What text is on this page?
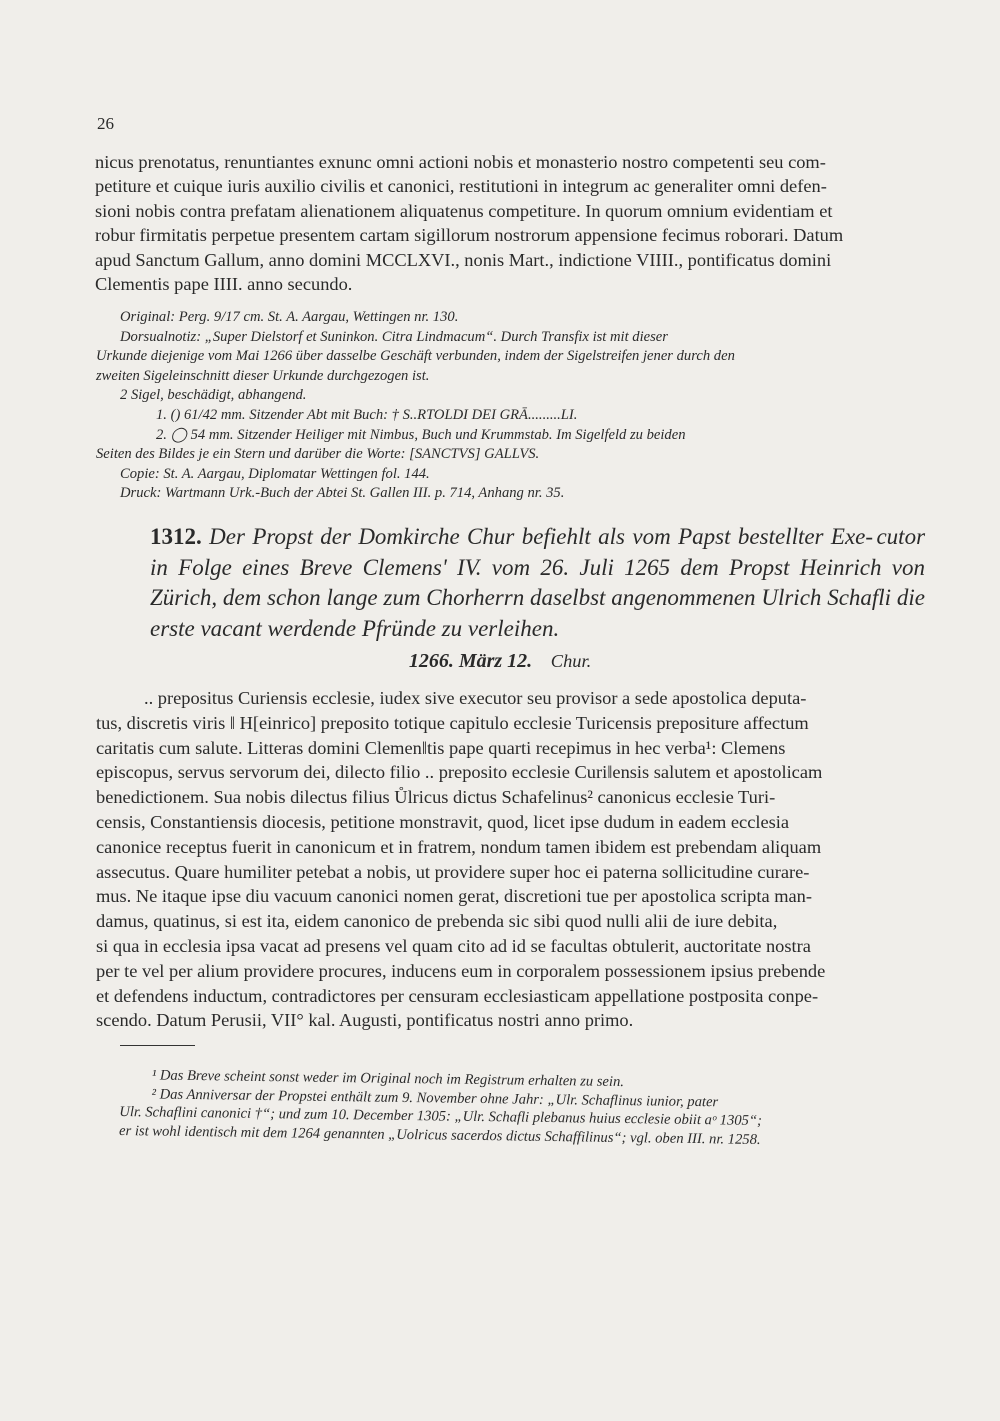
26

nicus prenotatus, renuntiantes exnunc omni actioni nobis et monasterio nostro competenti seu com-

petiture et cuique iuris auxilio civilis et canonici, restitutioni in integrum ac generaliter omni defen-

sioni nobis contra prefatam alienationem aliquatenus competiture. In quorum omnium evidentiam et

robur firmitatis perpetue presentem cartam sigillorum nostrorum appensione fecimus roborari. Datum

apud Sanctum Gallum, anno domini MCCLXVI., nonis Mart., indictione VIIII., pontificatus domini

Clementis pape IIII. anno secundo.

Original: Perg. 9/17 cm. St. A. Aargau, Wettingen nr. 130.

Dorsualnotiz: „Super Dielstorf et Suninkon. Citra Lindmacum“. Durch Transfix ist mit dieser

Urkunde diejenige vom Mai 1266 über dasselbe Geschäft verbunden, indem der Sigelstreifen jener durch den

zweiten Sigeleinschnitt dieser Urkunde durchgezogen ist.

2 Sigel, beschädigt, abhangend.

1. () 61/42 mm. Sitzender Abt mit Buch: † S..RTOLDI DEI GRĀ.........LI.

2. ◯ 54 mm. Sitzender Heiliger mit Nimbus, Buch und Krummstab. Im Sigelfeld zu beiden

Seiten des Bildes je ein Stern und darüber die Worte: [SANCTVS] GALLVS.

Copie: St. A. Aargau, Diplomatar Wettingen fol. 144.

Druck: Wartmann Urk.-Buch der Abtei St. Gallen III. p. 714, Anhang nr. 35.

1312. Der Propst der Domkirche Chur befiehlt als vom Papst bestellter Exe- cutor in Folge eines Breve Clemens' IV. vom 26. Juli 1265 dem Propst Heinrich von Zürich, dem schon lange zum Chorherrn daselbst angenommenen Ulrich Schafli die erste vacant werdende Pfründe zu verleihen.
1266. März 12. Chur.

.. prepositus Curiensis ecclesie, iudex sive executor seu provisor a sede apostolica deputa-

tus, discretis viris ‖ H[einrico] preposito totique capitulo ecclesie Turicensis prepositure affectum

caritatis cum salute. Litteras domini Clemen‖tis pape quarti recepimus in hec verba¹: Clemens

episcopus, servus servorum dei, dilecto filio .. preposito ecclesie Curi‖ensis salutem et apostolicam

benedictionem. Sua nobis dilectus filius Ůlricus dictus Schafelinus² canonicus ecclesie Turi-

censis, Constantiensis diocesis, petitione monstravit, quod, licet ipse dudum in eadem ecclesia

canonice receptus fuerit in canonicum et in fratrem, nondum tamen ibidem est prebendam aliquam

assecutus. Quare humiliter petebat a nobis, ut providere super hoc ei paterna sollicitudine curare-

mus. Ne itaque ipse diu vacuum canonici nomen gerat, discretioni tue per apostolica scripta man-

damus, quatinus, si est ita, eidem canonico de prebenda sic sibi quod nulli alii de iure debita,

si qua in ecclesia ipsa vacat ad presens vel quam cito ad id se facultas obtulerit, auctoritate nostra

per te vel per alium providere procures, inducens eum in corporalem possessionem ipsius prebende

et defendens inductum, contradictores per censuram ecclesiasticam appellatione postposita conpe-

scendo. Datum Perusii, VII° kal. Augusti, pontificatus nostri anno primo.

¹ Das Breve scheint sonst weder im Original noch im Registrum erhalten zu sein.

² Das Anniversar der Propstei enthält zum 9. November ohne Jahr: „Ulr. Schaflinus iunior, pater

Ulr. Schaflini canonici †“; und zum 10. December 1305: „Ulr. Schafli plebanus huius ecclesie obiit aᵒ 1305“;

er ist wohl identisch mit dem 1264 genannten „Uolricus sacerdos dictus Schaffilinus“; vgl. oben III. nr. 1258.
